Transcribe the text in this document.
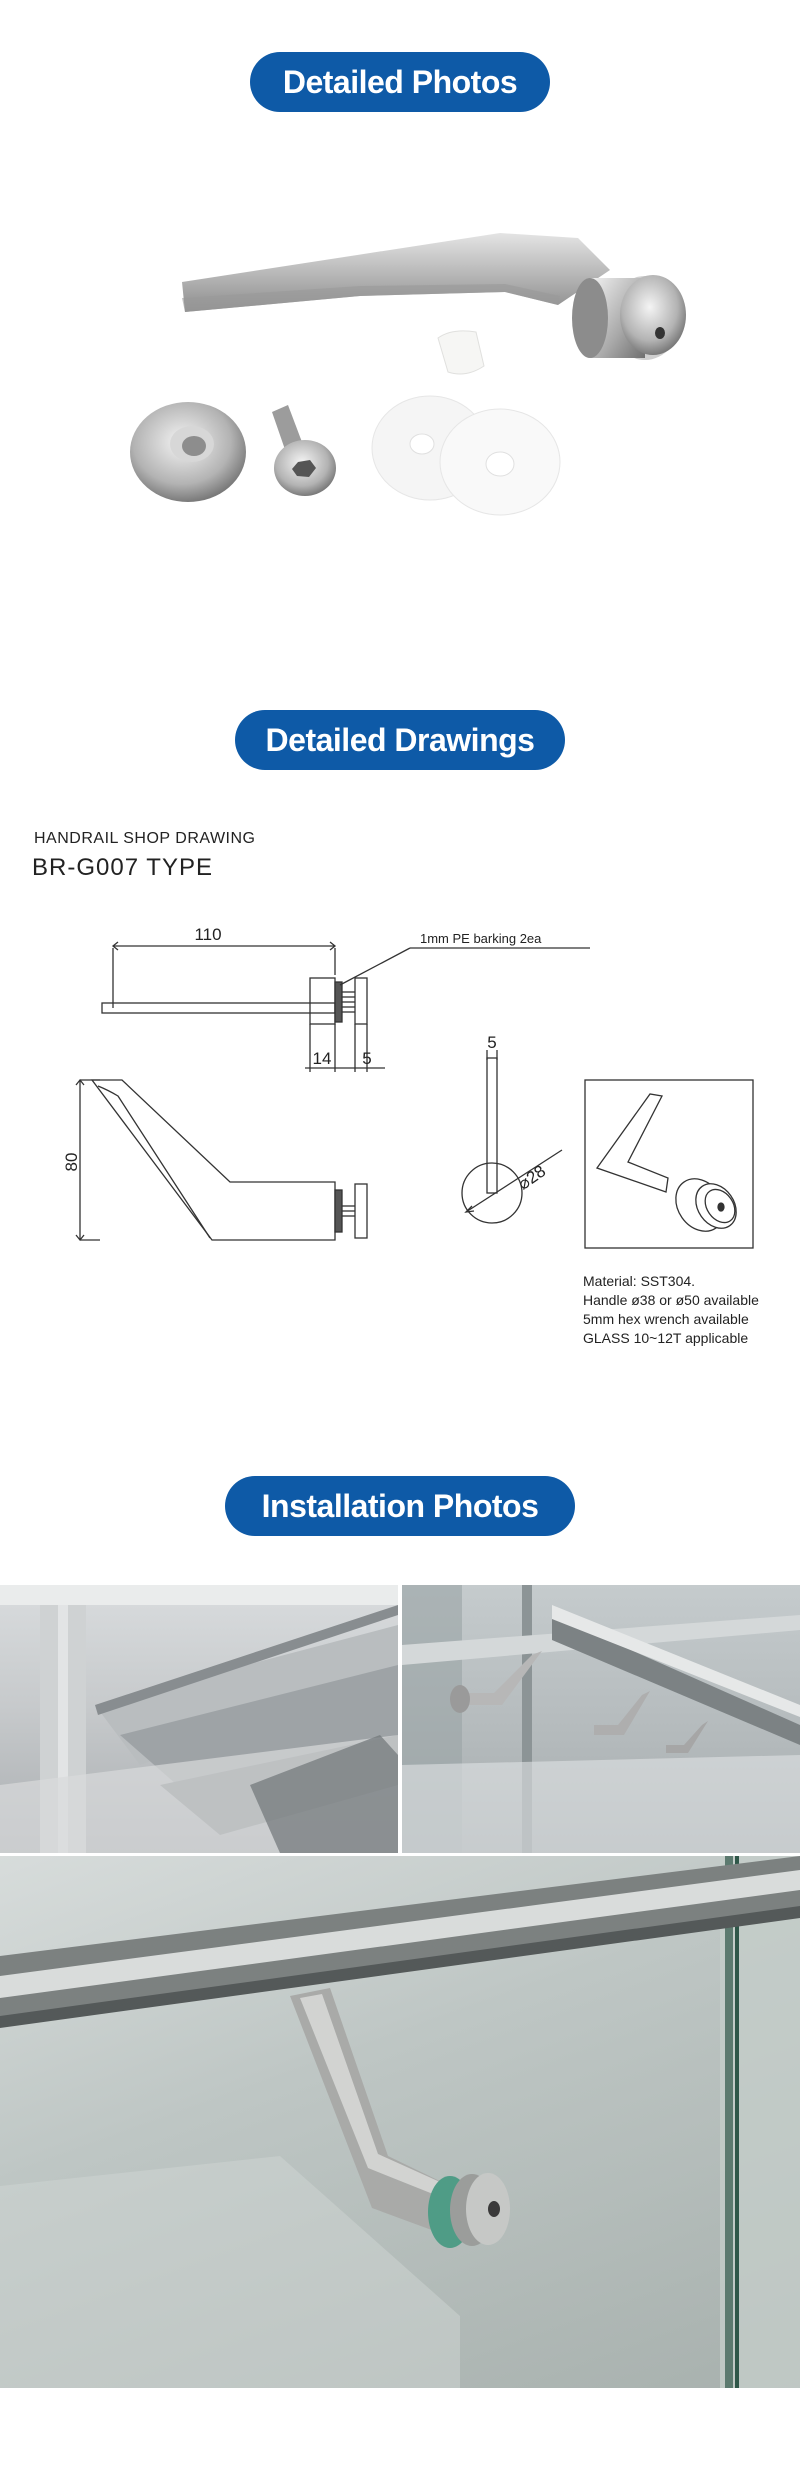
Detailed Photos
Detailed Drawings
HANDRAIL SHOP DRAWING
BR-G007 TYPE
110	1mm PE barking 2ea
14 5
80
5
⌀28
Material: SST304.
Handle ø38 or ø50 available
5mm hex wrench available
GLASS 10~12T applicable
Installation Photos
